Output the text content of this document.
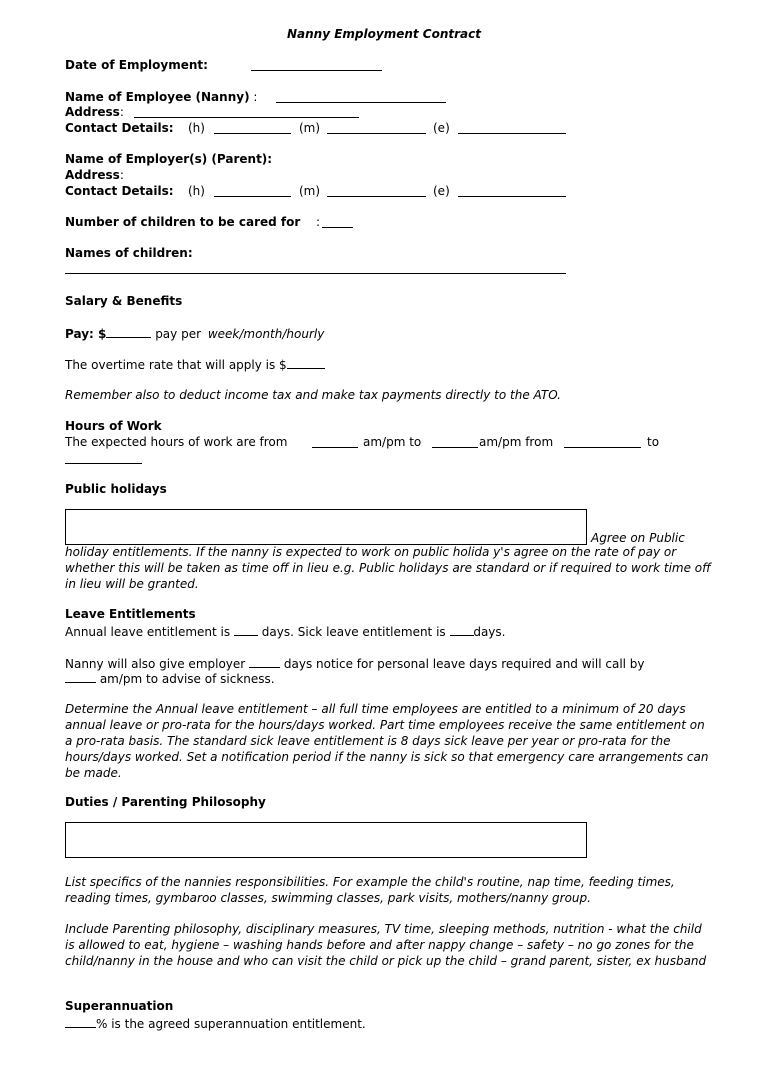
Nanny Employment Contract
Date of Employment:
Name of Employee (Nanny) :
Address:
Contact Details: (h)	(m)	(e)
Name of Employer(s) (Parent):
Address:
Contact Details: (h)	(m)	(e)
Number of children to be cared for :
Names of children:
Salary & Benefits
Pay: $	pay per week/month/hourly
The overtime rate that will apply is $
Remember also to deduct income tax and make tax payments directly to the ATO.
Hours of Work
The expected hours of work are from	am/pm to	am/pm from	to
Public holidays
Agree on Public
holiday entitlements. If the nanny is expected to work on public holida y's agree on the rate of pay or whether this will be taken as time off in lieu e.g. Public holidays are standard or if required to work time off in lieu will be granted.
Leave Entitlements
Annual leave entitlement is	days. Sick leave entitlement is days.
Nanny will also give employer	days notice for personal leave days required and will call by
am/pm to advise of sickness.
Determine the Annual leave entitlement – all full time employees are entitled to a minimum of 20 days annual leave or pro-rata for the hours/days worked. Part time employees receive the same entitlement on a pro-rata basis. The standard sick leave entitlement is 8 days sick leave per year or pro-rata for the hours/days worked. Set a notification period if the nanny is sick so that emergency care arrangements can be made.
Duties / Parenting Philosophy
List specifics of the nannies responsibilities. For example the child's routine, nap time, feeding times, reading times, gymbaroo classes, swimming classes, park visits, mothers/nanny group.
Include Parenting philosophy, disciplinary measures, TV time, sleeping methods, nutrition - what the child is allowed to eat, hygiene – washing hands before and after nappy change – safety – no go zones for the child/nanny in the house and who can visit the child or pick up the child – grand parent, sister, ex husband
Superannuation
% is the agreed superannuation entitlement.
